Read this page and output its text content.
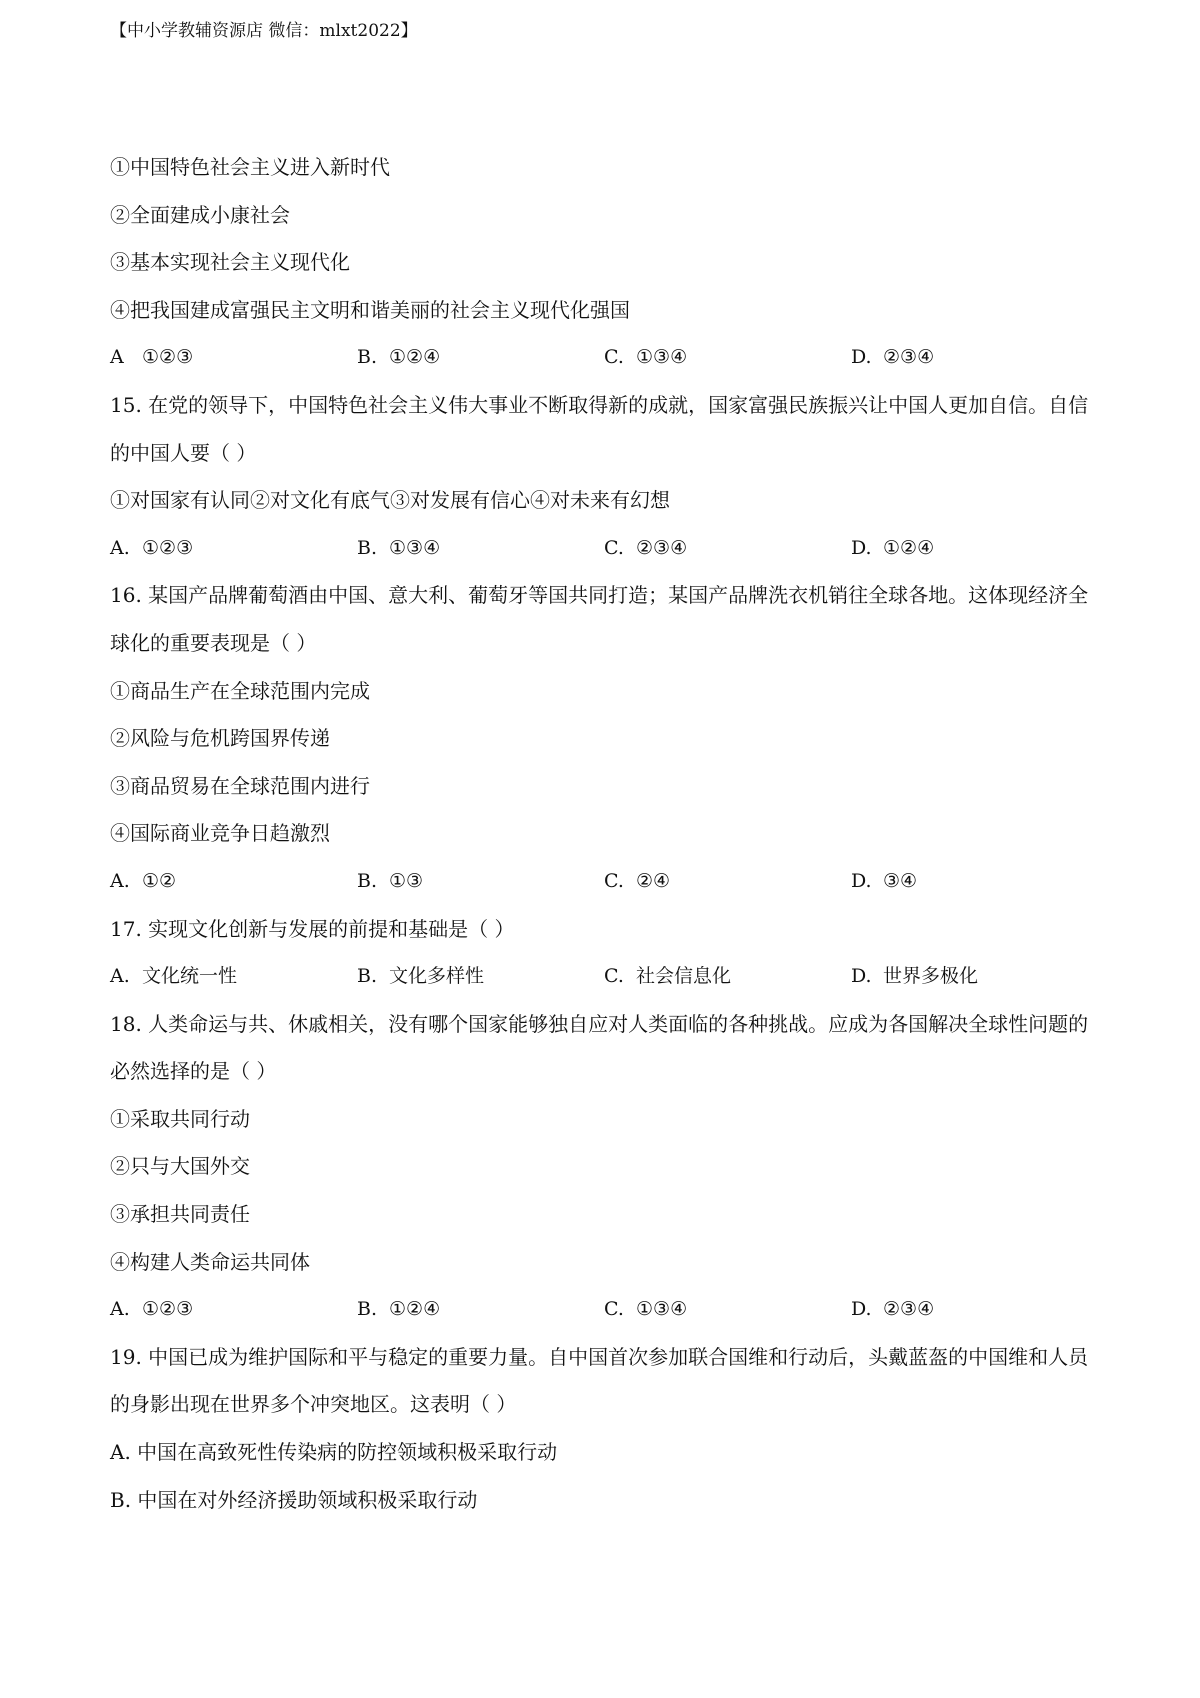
【中小学教辅资源店 微信：mlxt2022】
①中国特色社会主义进入新时代
②全面建成小康社会
③基本实现社会主义现代化
④把我国建成富强民主文明和谐美丽的社会主义现代化强国
A ①②③	B. ①②④	C. ①③④	D. ②③④
15. 在党的领导下，中国特色社会主义伟大事业不断取得新的成就，国家富强民族振兴让中国人更加自信。自信的中国人要（ ）
①对国家有认同②对文化有底气③对发展有信心④对未来有幻想
A. ①②③	B. ①③④	C. ②③④	D. ①②④
16. 某国产品牌葡萄酒由中国、意大利、葡萄牙等国共同打造；某国产品牌洗衣机销往全球各地。这体现经济全球化的重要表现是（ ）
①商品生产在全球范围内完成
②风险与危机跨国界传递
③商品贸易在全球范围内进行
④国际商业竞争日趋激烈
A. ①②	B. ①③	C. ②④	D. ③④
17. 实现文化创新与发展的前提和基础是（ ）
A. 文化统一性	B. 文化多样性	C. 社会信息化	D. 世界多极化
18. 人类命运与共、休戚相关，没有哪个国家能够独自应对人类面临的各种挑战。应成为各国解决全球性问题的必然选择的是（ ）
①采取共同行动
②只与大国外交
③承担共同责任
④构建人类命运共同体
A. ①②③	B. ①②④	C. ①③④	D. ②③④
19. 中国已成为维护国际和平与稳定的重要力量。自中国首次参加联合国维和行动后，头戴蓝盔的中国维和人员的身影出现在世界多个冲突地区。这表明（ ）
A. 中国在高致死性传染病的防控领域积极采取行动
B. 中国在对外经济援助领域积极采取行动
